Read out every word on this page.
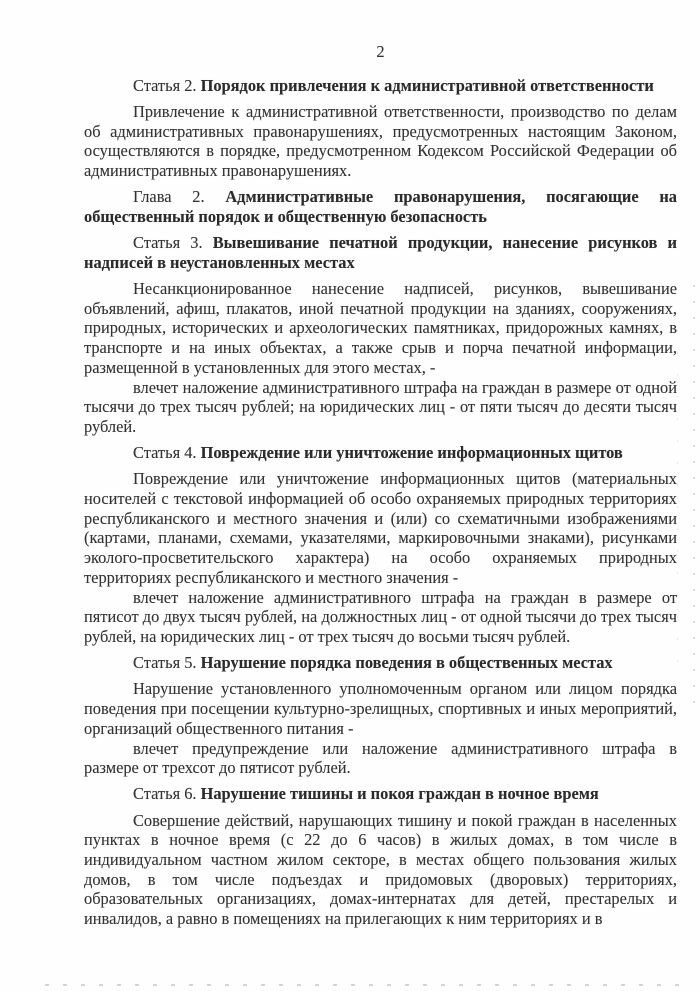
2

Статья 2. Порядок привлечения к административной ответственности

Привлечение к административной ответственности, производство по делам об административных правонарушениях, предусмотренных настоящим Законом, осуществляются в порядке, предусмотренном Кодексом Российской Федерации об административных правонарушениях.

Глава 2. Административные правонарушения, посягающие на общественный порядок и общественную безопасность

Статья 3. Вывешивание печатной продукции, нанесение рисунков и надписей в неустановленных местах

Несанкционированное нанесение надписей, рисунков, вывешивание объявлений, афиш, плакатов, иной печатной продукции на зданиях, сооружениях, природных, исторических и археологических памятниках, придорожных камнях, в транспорте и на иных объектах, а также срыв и порча печатной информации, размещенной в установленных для этого местах, -

влечет наложение административного штрафа на граждан в размере от одной тысячи до трех тысяч рублей; на юридических лиц - от пяти тысяч до десяти тысяч рублей.

Статья 4. Повреждение или уничтожение информационных щитов

Повреждение или уничтожение информационных щитов (материальных носителей с текстовой информацией об особо охраняемых природных территориях республиканского и местного значения и (или) со схематичными изображениями (картами, планами, схемами, указателями, маркировочными знаками), рисунками эколого-просветительского характера) на особо охраняемых природных территориях республиканского и местного значения -

влечет наложение административного штрафа на граждан в размере от пятисот до двух тысяч рублей, на должностных лиц - от одной тысячи до трех тысяч рублей, на юридических лиц - от трех тысяч до восьми тысяч рублей.

Статья 5. Нарушение порядка поведения в общественных местах

Нарушение установленного уполномоченным органом или лицом порядка поведения при посещении культурно-зрелищных, спортивных и иных мероприятий, организаций общественного питания -

влечет предупреждение или наложение административного штрафа в размере от трехсот до пятисот рублей.

Статья 6. Нарушение тишины и покоя граждан в ночное время

Совершение действий, нарушающих тишину и покой граждан в населенных пунктах в ночное время (с 22 до 6 часов) в жилых домах, в том числе в индивидуальном частном жилом секторе, в местах общего пользования жилых домов, в том числе подъездах и придомовых (дворовых) территориях, образовательных организациях, домах-интернатах для детей, престарелых и инвалидов, а равно в помещениях на прилегающих к ним территориях и в
